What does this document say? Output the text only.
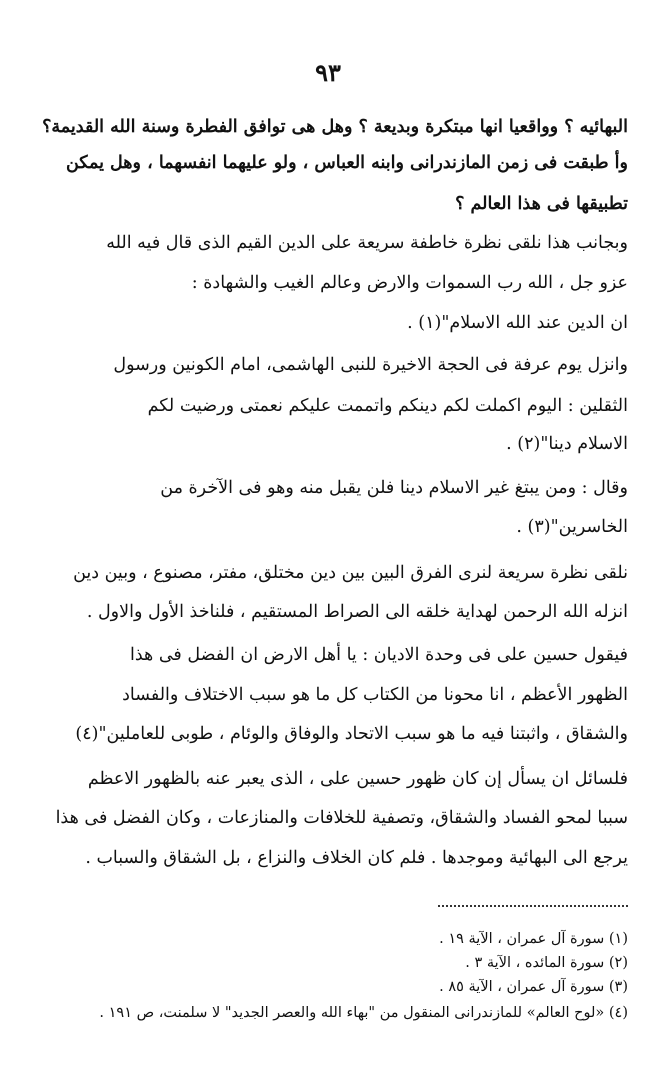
٩٣
البهائيه ؟ وواقعيا انها مبتكرة وبديعة ؟ وهل هى توافق الفطرة وسنة الله القديمة؟
وأ طبقت فى زمن المازندرانى وابنه العباس ، ولو عليهما انفسهما ، وهل يمكن
تطبيقها فى هذا العالم ؟
وبجانب هذا نلقى نظرة خاطفة سريعة على الدين القيم الذى قال فيه الله
عزو جل ، الله رب السموات والارض وعالم الغيب والشهادة :
ان الدين عند الله الاسلام"(١) .
وانزل يوم عرفة فى الحجة الاخيرة للنبى الهاشمى، امام الكونين ورسول
الثقلين : اليوم اكملت لكم دينكم واتممت عليكم نعمتى ورضيت لكم
الاسلام دينا"(٢) .
وقال : ومن يبتغ غير الاسلام دينا فلن يقبل منه وهو فى الآخرة من
الخاسرين"(٣) .
نلقى نظرة سريعة لنرى الفرق البين بين دين مختلق، مفتر، مصنوع ، وبين دين
انزله الله الرحمن لهداية خلقه الى الصراط المستقيم ، فلناخذ الأول والاول .
فيقول حسين على فى وحدة الاديان : يا أهل الارض ان الفضل فى هذا
الظهور الأعظم ، انا محونا من الكتاب كل ما هو سبب الاختلاف والفساد
والشقاق ، واثبتنا فيه ما هو سبب الاتحاد والوفاق والوئام ، طوبى للعاملين"(٤)
فلسائل ان يسأل إن كان ظهور حسين على ، الذى يعبر عنه بالظهور الاعظم
سببا لمحو الفساد والشقاق، وتصفية للخلافات والمنازعات ، وكان الفضل فى هذا
يرجع الى البهائية وموجدها . فلم كان الخلاف والنزاع ، بل الشقاق والسباب .
(١) سورة آل عمران ، الآية ١٩ .
(٢) سورة المائده ، الآية ٣ .
(٣) سورة آل عمران ، الآية ٨٥ .
(٤) «لوح العالم» للمازندرانى المنقول من "بهاء الله والعصر الجديد" لا سلمنت، ص ١٩١ .
